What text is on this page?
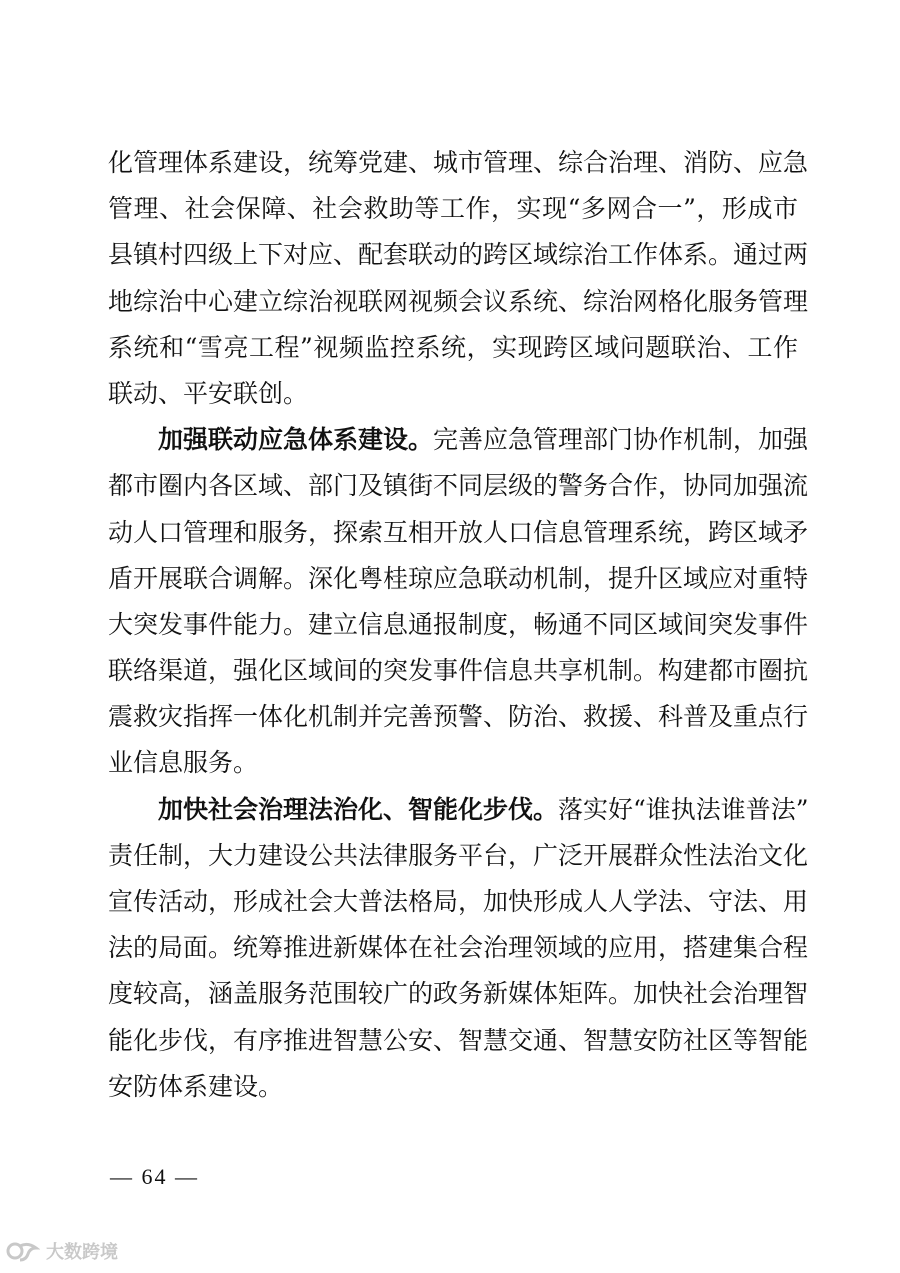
化管理体系建设，统筹党建、城市管理、综合治理、消防、应急
管理、社会保障、社会救助等工作，实现“多网合一”，形成市
县镇村四级上下对应、配套联动的跨区域综治工作体系。通过两
地综治中心建立综治视联网视频会议系统、综治网格化服务管理
系统和“雪亮工程”视频监控系统，实现跨区域问题联治、工作
联动、平安联创。
加强联动应急体系建设。完善应急管理部门协作机制，加强
都市圈内各区域、部门及镇街不同层级的警务合作，协同加强流
动人口管理和服务，探索互相开放人口信息管理系统，跨区域矛
盾开展联合调解。深化粤桂琼应急联动机制，提升区域应对重特
大突发事件能力。建立信息通报制度，畅通不同区域间突发事件
联络渠道，强化区域间的突发事件信息共享机制。构建都市圈抗
震救灾指挥一体化机制并完善预警、防治、救援、科普及重点行
业信息服务。
加快社会治理法治化、智能化步伐。落实好“谁执法谁普法”
责任制，大力建设公共法律服务平台，广泛开展群众性法治文化
宣传活动，形成社会大普法格局，加快形成人人学法、守法、用
法的局面。统筹推进新媒体在社会治理领域的应用，搭建集合程
度较高，涵盖服务范围较广的政务新媒体矩阵。加快社会治理智
能化步伐，有序推进智慧公安、智慧交通、智慧安防社区等智能
安防体系建设。
— 64 —
大数跨境
